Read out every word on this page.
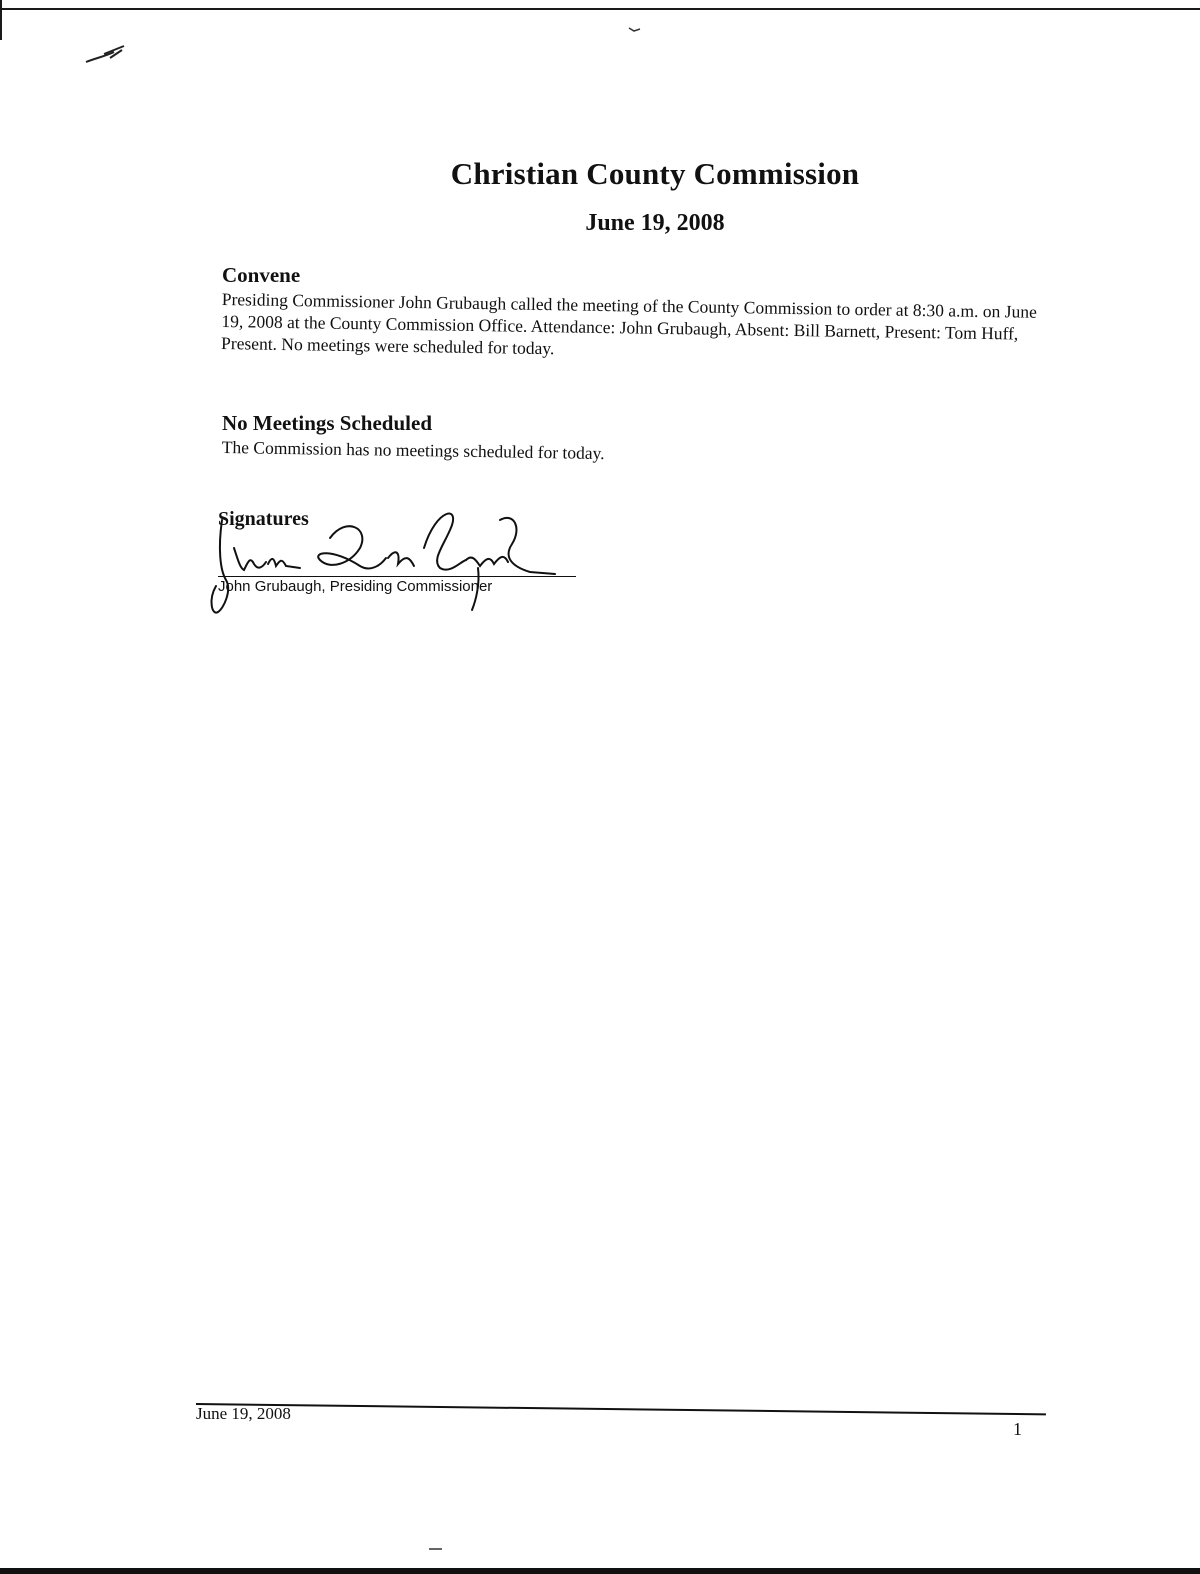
Christian County Commission
June 19, 2008
Convene

Presiding Commissioner John Grubaugh called the meeting of the County Commission to order at 8:30 a.m. on June 19, 2008 at the County Commission Office. Attendance: John Grubaugh, Absent: Bill Barnett, Present: Tom Huff, Present. No meetings were scheduled for today.

No Meetings Scheduled

The Commission has no meetings scheduled for today.

Signatures

John Grubaugh, Presiding Commissioner

June 19, 2008

1
